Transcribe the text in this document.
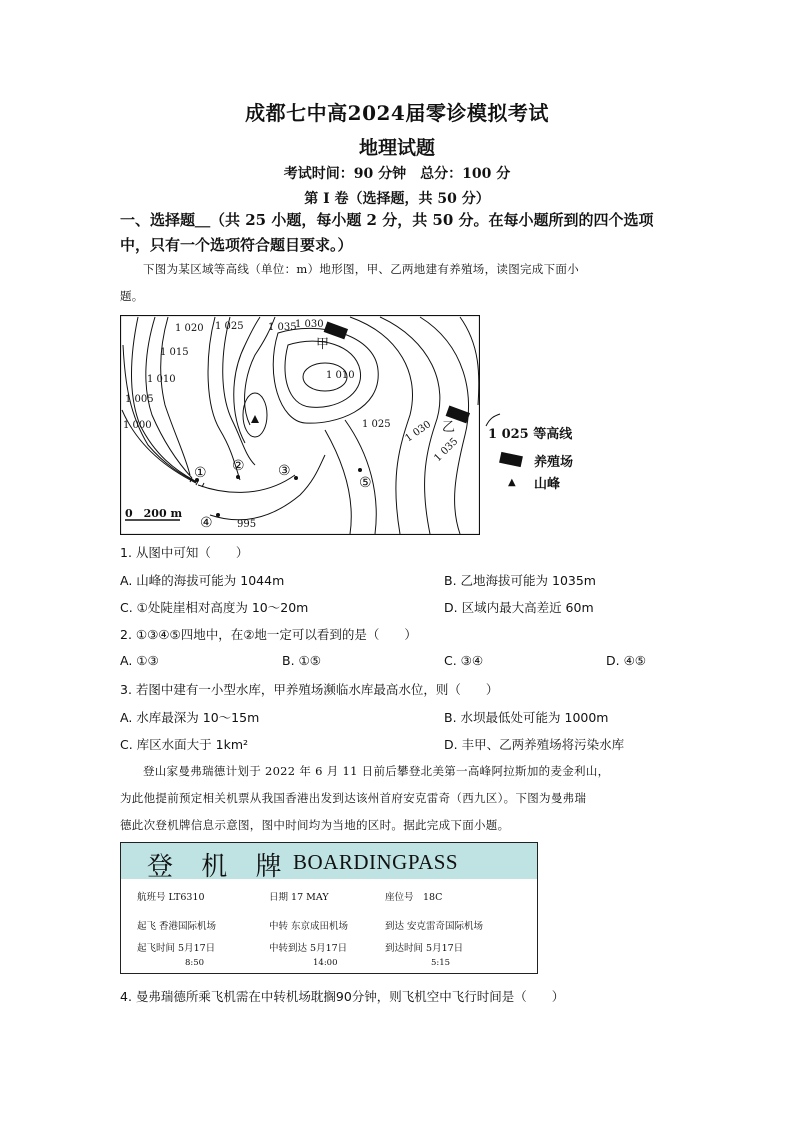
成都七中高2024届零诊模拟考试
地理试题
考试时间：90 分钟　总分：100 分
第 I 卷（选择题，共 50 分）
一、选择题＿（共 25 小题，每小题 2 分，共 50 分。在每小题所到的四个选项
中，只有一个选项符合题目要求。）
下图为某区域等高线（单位：m）地形图，甲、乙两地建有养殖场，读图完成下面小
题。
1 020 1 025 1 035
1 030
1 015
1 010	1 010
1 005
1 000	1 025 1 030
1 035
995
甲
乙
① ② ③
⑤
④
0　200 m
1 025 等高线
养殖场
▲ 山峰
1. 从图中可知（　　）
A. 山峰的海拔可能为 1044m	B. 乙地海拔可能为 1035m
C. ①处陡崖相对高度为 10～20m	D. 区域内最大高差近 60m
2. ①③④⑤四地中，在②地一定可以看到的是（　　）
A. ①③	B. ①⑤	C. ③④	D. ④⑤
3. 若图中建有一小型水库，甲养殖场濒临水库最高水位，则（　　）
A. 水库最深为 10～15m	B. 水坝最低处可能为 1000m
C. 库区水面大于 1km²	D. 丰甲、乙两养殖场将污染水库
登山家曼弗瑞德计划于 2022 年 6 月 11 日前后攀登北美第一高峰阿拉斯加的麦金利山，
为此他提前预定相关机票从我国香港出发到达该州首府安克雷奇（西九区）。下图为曼弗瑞
德此次登机牌信息示意图，图中时间均为当地的区时。据此完成下面小题。
登 机 牌 BOARDINGPASS
航班号 LT6310	日期 17 MAY	座位号　18C
起飞 香港国际机场	中转 东京成田机场	到达 安克雷奇国际机场
起飞时间 5月17日	中转到达 5月17日	到达时间 5月17日
8:50	14:00	5:15
4. 曼弗瑞德所乘飞机需在中转机场耽搁90分钟，则飞机空中飞行时间是（　　）
